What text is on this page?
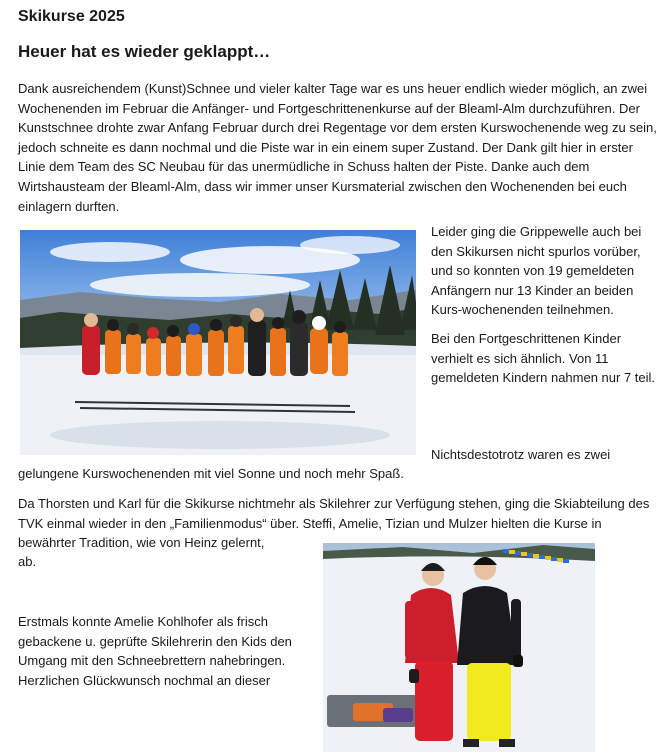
Skikurse 2025
Heuer hat es wieder geklappt…

Dank ausreichendem (Kunst)Schnee und vieler kalter Tage war es uns heuer endlich wieder möglich, an zwei Wochenenden im Februar die Anfänger- und Fortgeschrittenenkurse auf der Bleaml-Alm durchzuführen. Der Kunstschnee drohte zwar Anfang Februar durch drei Regentage vor dem ersten Kurswochenende weg zu sein, jedoch schneite es dann nochmal und die Piste war in ein einem super Zustand. Der Dank gilt hier in erster Linie dem Team des SC Neubau für das unermüdliche in Schuss halten der Piste. Danke auch dem Wirtshausteam der Bleaml-Alm, dass wir immer unser Kursmaterial zwischen den Wochenenden bei euch einlagern durften.

Leider ging die Grippewelle auch bei den Skikursen nicht spurlos vorüber, und so konnten von 19 gemeldeten Anfängern nur 13 Kinder an beiden Kurs-wochenenden teilnehmen.

Bei den Fortgeschrittenen Kinder verhielt es sich ähnlich. Von 11 gemeldeten Kindern nahmen nur 7 teil.

Nichtsdestotrotz waren es zwei

gelungene Kurswochenenden mit viel Sonne und noch mehr Spaß.

Da Thorsten und Karl für die Skikurse nichtmehr als Skilehrer zur Verfügung stehen, ging die Skiabteilung des TVK einmal wieder in den „Familienmodus“ über. Steffi, Amelie, Tizian und Mulzer hielten die Kurse in bewährter Tradition, wie von Heinz gelernt,

ab.

Erstmals konnte Amelie Kohlhofer als frisch gebackene u. geprüfte Skilehrerin den Kids den Umgang mit den Schneebrettern nahebringen. Herzlichen Glückwunsch nochmal an dieser
